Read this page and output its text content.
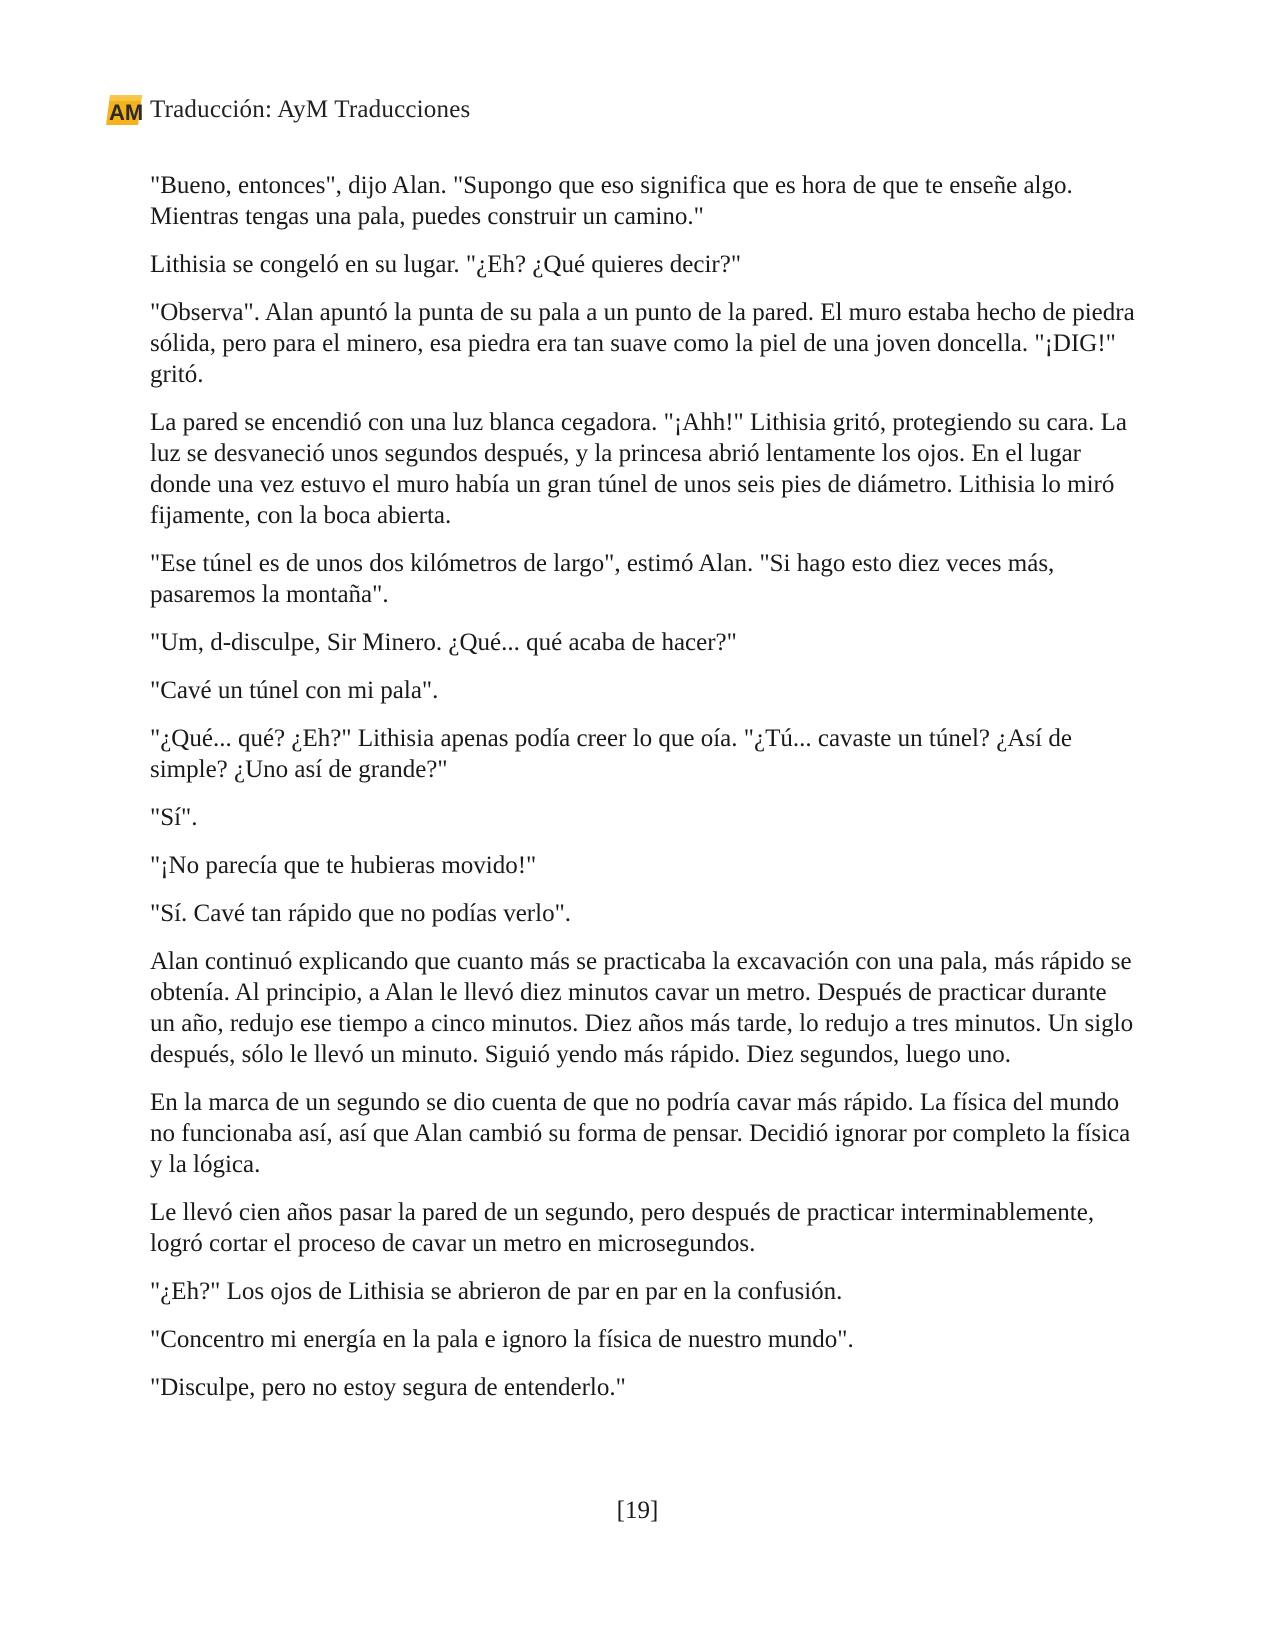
AM Traducción: AyM Traducciones

"Bueno, entonces", dijo Alan. "Supongo que eso significa que es hora de que te enseñe algo. Mientras tengas una pala, puedes construir un camino."

Lithisia se congeló en su lugar. "¿Eh? ¿Qué quieres decir?"

"Observa". Alan apuntó la punta de su pala a un punto de la pared. El muro estaba hecho de piedra sólida, pero para el minero, esa piedra era tan suave como la piel de una joven doncella. "¡DIG!" gritó.

La pared se encendió con una luz blanca cegadora. "¡Ahh!" Lithisia gritó, protegiendo su cara. La luz se desvaneció unos segundos después, y la princesa abrió lentamente los ojos. En el lugar donde una vez estuvo el muro había un gran túnel de unos seis pies de diámetro. Lithisia lo miró fijamente, con la boca abierta.

"Ese túnel es de unos dos kilómetros de largo", estimó Alan. "Si hago esto diez veces más, pasaremos la montaña".

"Um, d-disculpe, Sir Minero. ¿Qué... qué acaba de hacer?"

"Cavé un túnel con mi pala".

"¿Qué... qué? ¿Eh?" Lithisia apenas podía creer lo que oía. "¿Tú... cavaste un túnel? ¿Así de simple? ¿Uno así de grande?"

"Sí".

"¡No parecía que te hubieras movido!"

"Sí. Cavé tan rápido que no podías verlo".

Alan continuó explicando que cuanto más se practicaba la excavación con una pala, más rápido se obtenía. Al principio, a Alan le llevó diez minutos cavar un metro. Después de practicar durante un año, redujo ese tiempo a cinco minutos. Diez años más tarde, lo redujo a tres minutos. Un siglo después, sólo le llevó un minuto. Siguió yendo más rápido. Diez segundos, luego uno.

En la marca de un segundo se dio cuenta de que no podría cavar más rápido. La física del mundo no funcionaba así, así que Alan cambió su forma de pensar. Decidió ignorar por completo la física y la lógica.

Le llevó cien años pasar la pared de un segundo, pero después de practicar interminablemente, logró cortar el proceso de cavar un metro en microsegundos.

"¿Eh?" Los ojos de Lithisia se abrieron de par en par en la confusión.

"Concentro mi energía en la pala e ignoro la física de nuestro mundo".

"Disculpe, pero no estoy segura de entenderlo."

[19]
